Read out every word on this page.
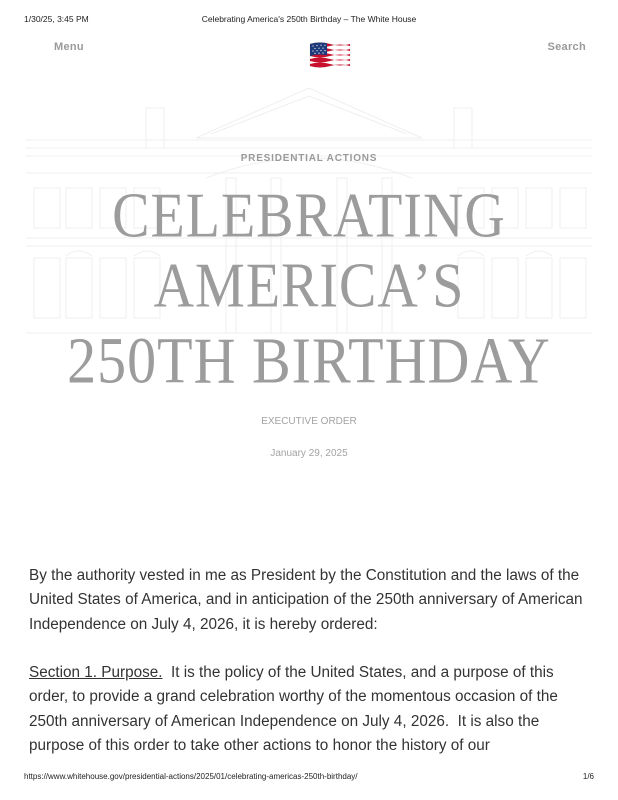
1/30/25, 3:45 PM	Celebrating America's 250th Birthday – The White House
Menu	Search
PRESIDENTIAL ACTIONS
CELEBRATING
AMERICA’S
250TH BIRTHDAY
EXECUTIVE ORDER
January 29, 2025

By the authority vested in me as President by the Constitution and the laws of the United States of America, and in anticipation of the 250th anniversary of American Independence on July 4, 2026, it is hereby ordered:

Section 1. Purpose.  It is the policy of the United States, and a purpose of this order, to provide a grand celebration worthy of the momentous occasion of the 250th anniversary of American Independence on July 4, 2026.  It is also the purpose of this order to take other actions to honor the history of our

https://www.whitehouse.gov/presidential-actions/2025/01/celebrating-americas-250th-birthday/	1/6
